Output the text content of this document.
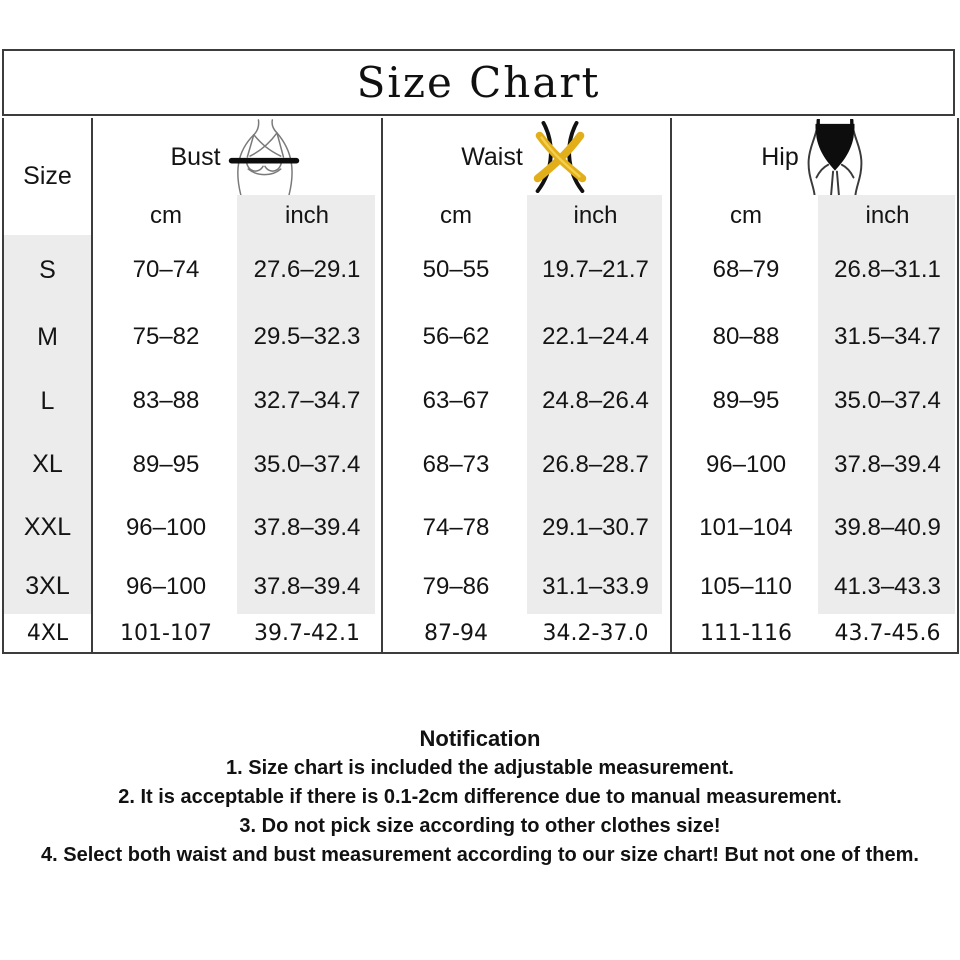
Size Chart
Size
Bust	Waist	Hip
cm	inch	cm	inch	cm	inch
S	70–74	27.6–29.1	50–55	19.7–21.7	68–79	26.8–31.1
M	75–82	29.5–32.3	56–62	22.1–24.4	80–88	31.5–34.7
L	83–88	32.7–34.7	63–67	24.8–26.4	89–95	35.0–37.4
XL	89–95	35.0–37.4	68–73	26.8–28.7	96–100	37.8–39.4
XXL	96–100	37.8–39.4	74–78	29.1–30.7	101–104	39.8–40.9
3XL	96–100	37.8–39.4	79–86	31.1–33.9	105–110	41.3–43.3
4XL	101-107	39.7-42.1	87-94	34.2-37.0	111-116	43.7-45.6
Notification
1. Size chart is included the adjustable measurement.
2. It is acceptable if there is 0.1-2cm difference due to manual measurement.
3. Do not pick size according to other clothes size!
4. Select both waist and bust measurement according to our size chart! But not one of them.
